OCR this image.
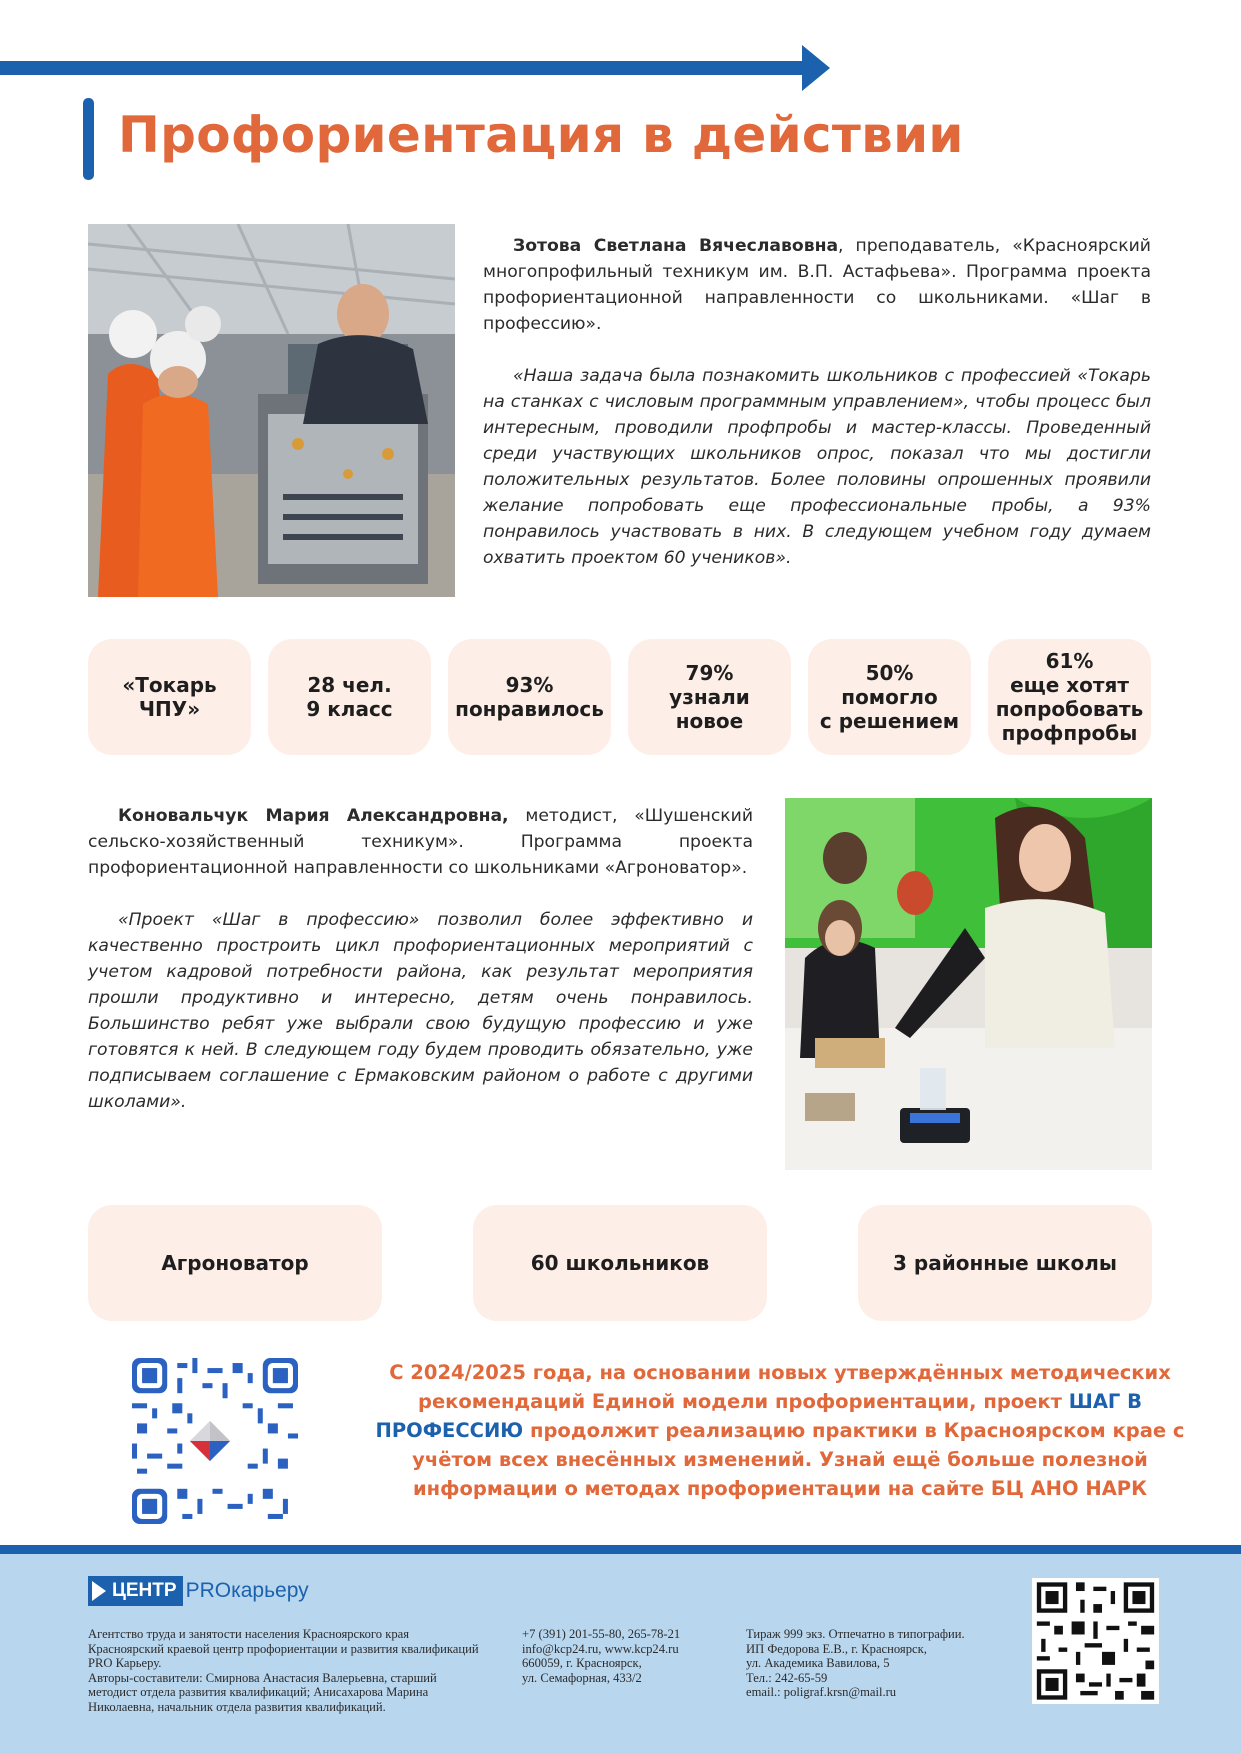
Профориентация в действии

Зотова Светлана Вячеславовна, преподаватель, «Красноярский многопрофильный техникум им. В.П. Астафьева». Программа проекта профориентационной направленности со школьниками. «Шаг в профессию».

«Наша задача была познакомить школьников с профессией «Токарь на станках с числовым программным управлением», чтобы процесс был интересным, проводили профпробы и мастер-классы. Проведенный среди участвующих школьников опрос, показал что мы достигли положительных результатов. Более половины опрошенных проявили желание попробовать еще профессиональные пробы, а 93% понравилось участвовать в них. В следующем учебном году думаем охватить проектом 60 учеников».

«Токарь
ЧПУ»
28 чел.
9 класс
93%
понравилось
79%
узнали
новое
50%
помогло
с решением
61%
еще хотят
попробовать
профпробы

Коновальчук Мария Александровна, методист, «Шушенский сельско-хозяйственный техникум». Программа проекта профориентационной направленности со школьниками «Агроноватор».

«Проект «Шаг в профессию» позволил более эффективно и качественно простроить цикл профориентационных мероприятий с учетом кадровой потребности района, как результат мероприятия прошли продуктивно и интересно, детям очень понравилось. Большинство ребят уже выбрали свою будущую профессию и уже готовятся к ней. В следующем году будем проводить обязательно, уже подписываем соглашение с Ермаковским районом о работе с другими школами».

Агроноватор	60 школьников	3 районные школы
С 2024/2025 года, на основании новых утверждённых методических рекомендаций Единой модели профориентации, проект ШАГ В ПРОФЕССИЮ продолжит реализацию практики в Красноярском крае с учётом всех внесённых изменений. Узнай ещё больше полезной информации о методах профориентации на сайте БЦ АНО НАРК
ЦЕНТР PROкарьеру
Агентство труда и занятости населения Красноярского края
Красноярский краевой центр профориентации и развития квалификаций PRO Карьеру.
Авторы-составители: Смирнова Анастасия Валерьевна, старший методист отдела развития квалификаций; Анисахарова Марина Николаевна, начальник отдела развития квалификаций.
+7 (391) 201-55-80, 265-78-21
info@kcp24.ru, www.kcp24.ru
660059, г. Красноярск,
ул. Семафорная, 433/2
Тираж 999 экз. Отпечатно в типографии.
ИП Федорова Е.В., г. Красноярск,
ул. Академика Вавилова, 5
Тел.: 242-65-59
email.: poligraf.krsn@mail.ru
